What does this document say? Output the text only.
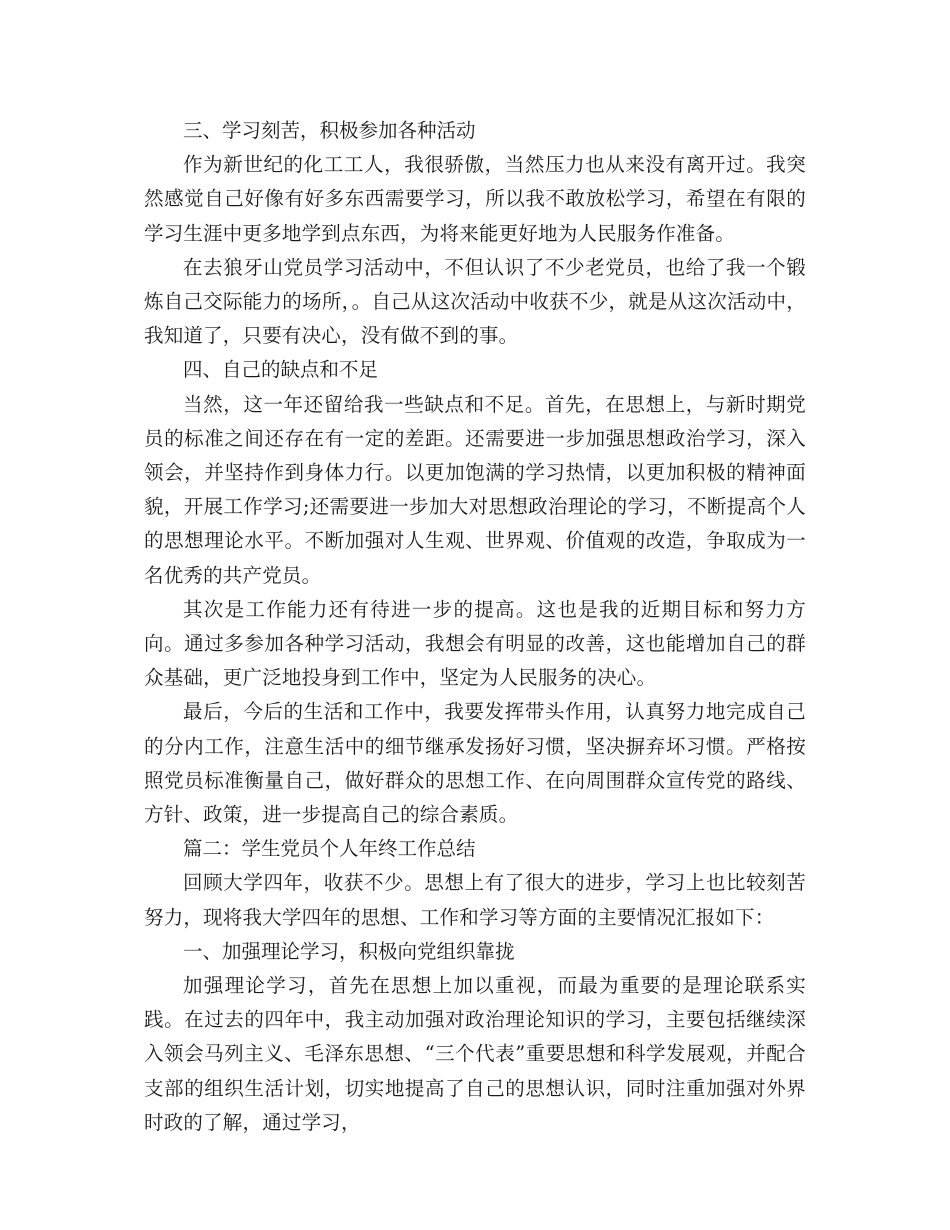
三、学习刻苦，积极参加各种活动

作为新世纪的化工工人，我很骄傲，当然压力也从来没有离开过。我突然感觉自己好像有好多东西需要学习，所以我不敢放松学习，希望在有限的学习生涯中更多地学到点东西，为将来能更好地为人民服务作准备。

在去狼牙山党员学习活动中，不但认识了不少老党员，也给了我一个锻炼自己交际能力的场所，。自己从这次活动中收获不少，就是从这次活动中，我知道了，只要有决心，没有做不到的事。

四、自己的缺点和不足

当然，这一年还留给我一些缺点和不足。首先，在思想上，与新时期党员的标准之间还存在有一定的差距。还需要进一步加强思想政治学习，深入领会，并坚持作到身体力行。以更加饱满的学习热情，以更加积极的精神面貌，开展工作学习;还需要进一步加大对思想政治理论的学习，不断提高个人的思想理论水平。不断加强对人生观、世界观、价值观的改造，争取成为一名优秀的共产党员。

其次是工作能力还有待进一步的提高。这也是我的近期目标和努力方向。通过多参加各种学习活动，我想会有明显的改善，这也能增加自己的群众基础，更广泛地投身到工作中，坚定为人民服务的决心。

最后，今后的生活和工作中，我要发挥带头作用，认真努力地完成自己的分内工作，注意生活中的细节继承发扬好习惯，坚决摒弃坏习惯。严格按照党员标准衡量自己，做好群众的思想工作、在向周围群众宣传党的路线、方针、政策，进一步提高自己的综合素质。

篇二：学生党员个人年终工作总结

回顾大学四年，收获不少。思想上有了很大的进步，学习上也比较刻苦努力，现将我大学四年的思想、工作和学习等方面的主要情况汇报如下：

一、加强理论学习，积极向党组织靠拢

加强理论学习，首先在思想上加以重视，而最为重要的是理论联系实践。在过去的四年中，我主动加强对政治理论知识的学习，主要包括继续深入领会马列主义、毛泽东思想、“三个代表”重要思想和科学发展观，并配合支部的组织生活计划，切实地提高了自己的思想认识，同时注重加强对外界时政的了解，通过学习，
